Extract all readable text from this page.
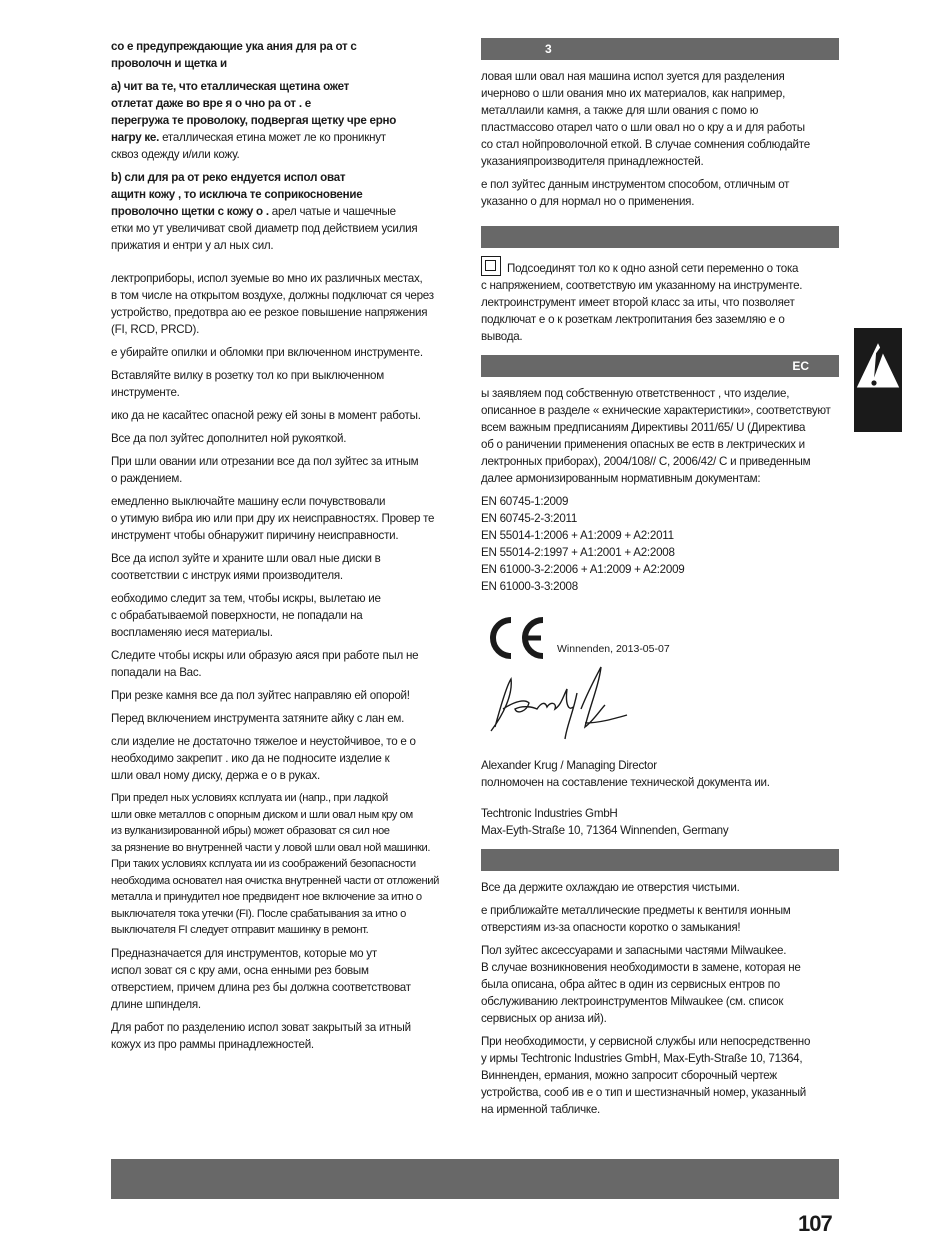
со е предупреждающие ука ания для ра от с
проволочн и щетка и

a) чит ва те, что еталлическая щетина ожет
отлетат даже во вре я о чно ра от . е
перегружа те проволоку, подвергая щетку чре ерно
нагру ке. еталлическая етина может ле ко проникнут
сквоз одежду и/или кожу.

b) сли для ра от реко ендуется испол оват
ащитн кожу , то исключа те соприкосновение
проволочно щетки с кожу о . арел чатые и чашечные
етки мо ут увеличиват свой диаметр под действием усилия
прижатия и ентри у ал ных сил.

лектроприборы, испол зуемые во мно их различных местах,
в том числе на открытом воздухе, должны подключат ся через
устройство, предотвра аю ее резкое повышение напряжения
(FI, RCD, PRCD).

е убирайте опилки и обломки при включенном инструменте.

Вставляйте вилку в розетку тол ко при выключенном
инструменте.

ико да не касайтес опасной режу ей зоны в момент работы.

Все да пол зуйтес дополнител ной рукояткой.

При шли овании или отрезании все да пол зуйтес за итным
о раждением.

емедленно выключайте машину если почувствовали
о утимую вибра ию или при дру их неисправностях. Провер те
инструмент чтобы обнаружит пиричину неисправности.

Все да испол зуйте и храните шли овал ные диски в
соответствии с инструк иями производителя.

еобходимо следит за тем, чтобы искры, вылетаю ие
с обрабатываемой поверхности, не попадали на
воспламеняю иеся материалы.

Следите чтобы искры или образую аяся при работе пыл не
попадали на Вас.

При резке камня все да пол зуйтес направляю ей опорой!

Перед включением инструмента затяните айку с лан ем.

сли изделие не достаточно тяжелое и неустойчивое, то е о
необходимо закрепит . ико да не подносите изделие к
шли овал ному диску, держа е о в руках.

При предел ных условиях ксплуата ии (напр., при ладкой
шли овке металлов с опорным диском и шли овал ным кру ом
из вулканизированной ибры) может образоват ся сил ное
за рязнение во внутренней части у ловой шли овал ной машинки.
При таких условиях ксплуата ии из соображений безопасности
необходима основател ная очистка внутренней части от отложений
металла и принудител ное предвидент ное включение за итно о
выключателя тока утечки (FI). После срабатывания за итно о
выключателя FI следует отправит машинку в ремонт.

Предназначается для инструментов, которые мо ут
испол зоват ся с кру ами, осна енными рез бовым
отверстием, причем длина рез бы должна соответствоват
длине шпинделя.

Для работ по разделению испол зоват закрытый за итный
кожух из про раммы принадлежностей.

3

ловая шли овал ная машина испол зуется для разделения
ичерново о шли ования мно их материалов, как например,
металлаили камня, а также для шли ования с помо ю
пластмассово отарел чато о шли овал но о кру а и для работы
со стал нойпроволочной еткой. В случае сомнения соблюдайте
указанияпроизводителя принадлежностей.

е пол зуйтес данным инструментом способом, отличным от
указанно о для нормал но о применения.

Подсоединят тол ко к одно азной сети переменно о тока
с напряжением, соответствую им указанному на инструменте.
лектроинструмент имеет второй класс за иты, что позволяет
подключат е о к розеткам лектропитания без заземляю е о
вывода.

EC

ы заявляем под собственную ответственност , что изделие,
описанное в разделе « ехнические характеристики», соответствуют
всем важным предписаниям Директивы 2011/65/ U (Директива
об о раничении применения опасных ве еств в лектрических и
лектронных приборах), 2004/108// C, 2006/42/ C и приведенным
далее армонизированным нормативным документам:

EN 60745-1:2009

EN 60745-2-3:2011

EN 55014-1:2006 + A1:2009 + A2:2011

EN 55014-2:1997 + A1:2001 + A2:2008

EN 61000-3-2:2006 + A1:2009 + A2:2009

EN 61000-3-3:2008

Winnenden, 2013-05-07

Alexander Krug / Managing Director

полномочен на составление технической документа ии.

Techtronic Industries GmbH

Max-Eyth-Straße 10, 71364 Winnenden, Germany

Все да держите охлаждаю ие отверстия чистыми.

е приближайте металлические предметы к вентиля ионным
отверстиям из-за опасности коротко о замыкания!

Пол зуйтес аксессуарами и запасными частями Milwaukee.
В случае возникновения необходимости в замене, которая не
была описана, обра айтес в один из сервисных ентров по
обслуживанию лектроинструментов Milwaukee (см. список
сервисных ор аниза ий).

При необходимости, у сервисной службы или непосредственно
у ирмы Techtronic Industries GmbH, Max-Eyth-Straße 10, 71364,
Винненден, ермания, можно запросит сборочный чертеж
устройства, сооб ив е о тип и шестизначный номер, указанный
на ирменной табличке.

107
